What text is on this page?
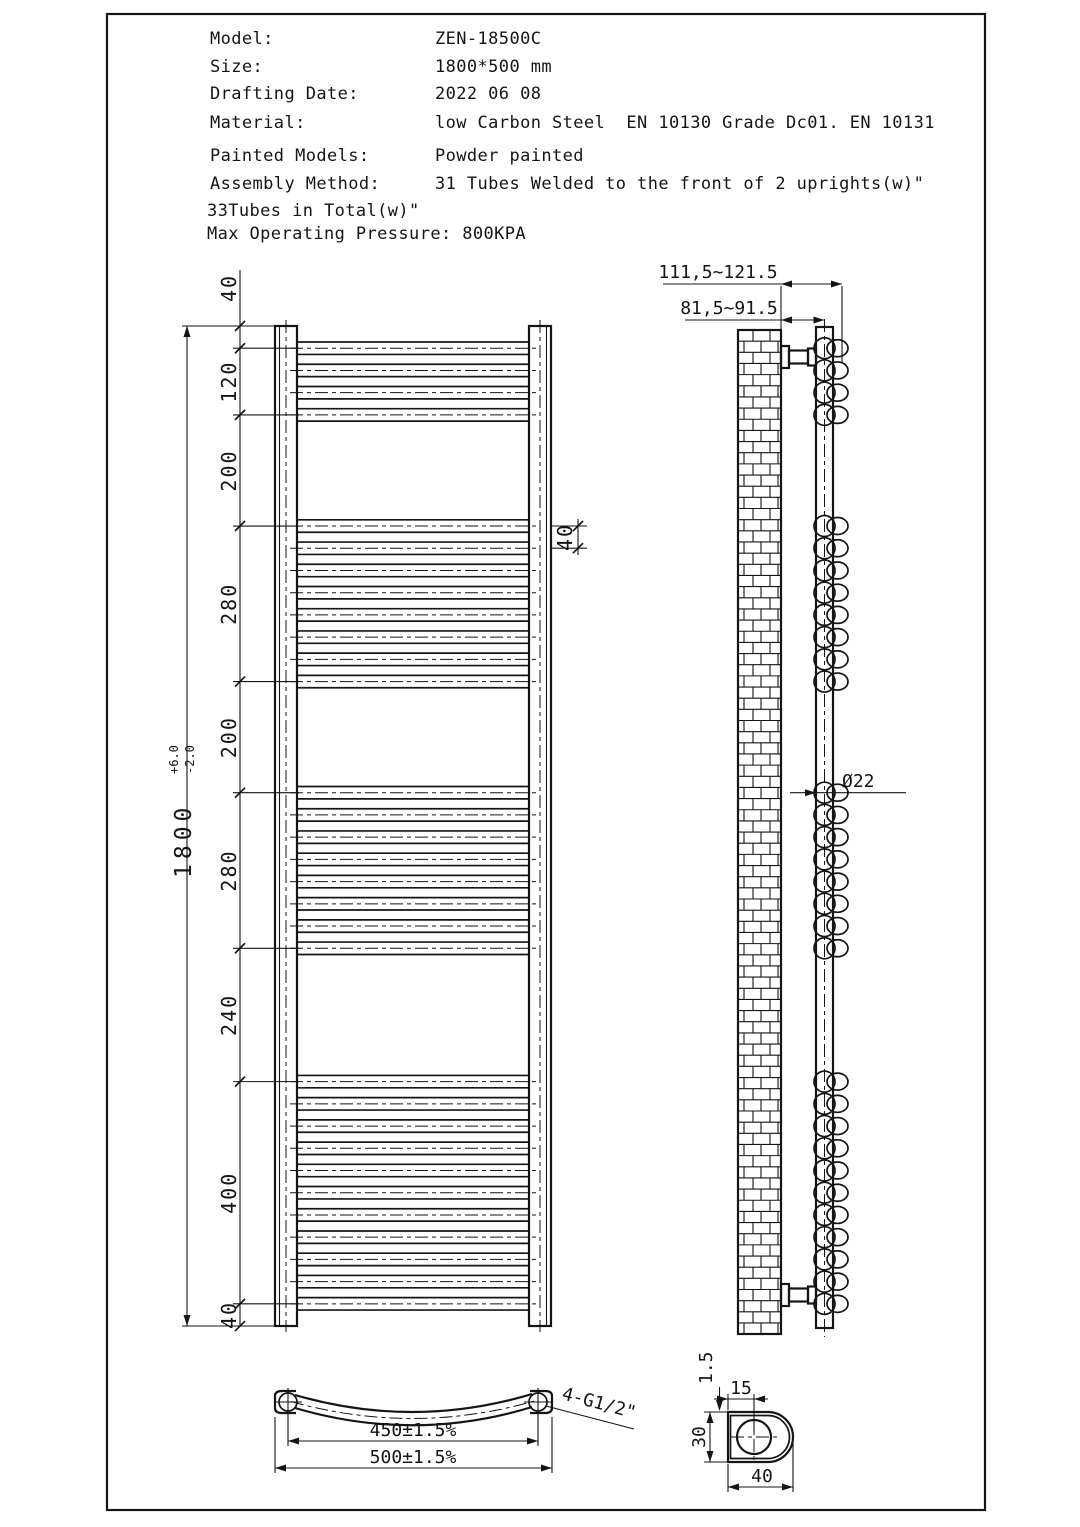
Model:	ZEN-18500C
Size:	1800*500 mm
Drafting Date:	2022 06 08
Material:	low Carbon Steel  EN 10130 Grade Dc01. EN 10131
Painted Models:	Powder painted
Assembly Method:	31 Tubes Welded to the front of 2 uprights(w)"
33Tubes in Total(w)"
Max Operating Pressure: 800KPA
1800
+6.0 -2.0
40
120
200
280
200
280
240
400
40
40
111,5~121.5
81,5~91.5
Ø22
450±1.5%
500±1.5%
4-G1/2"
1.5
15
30
40
